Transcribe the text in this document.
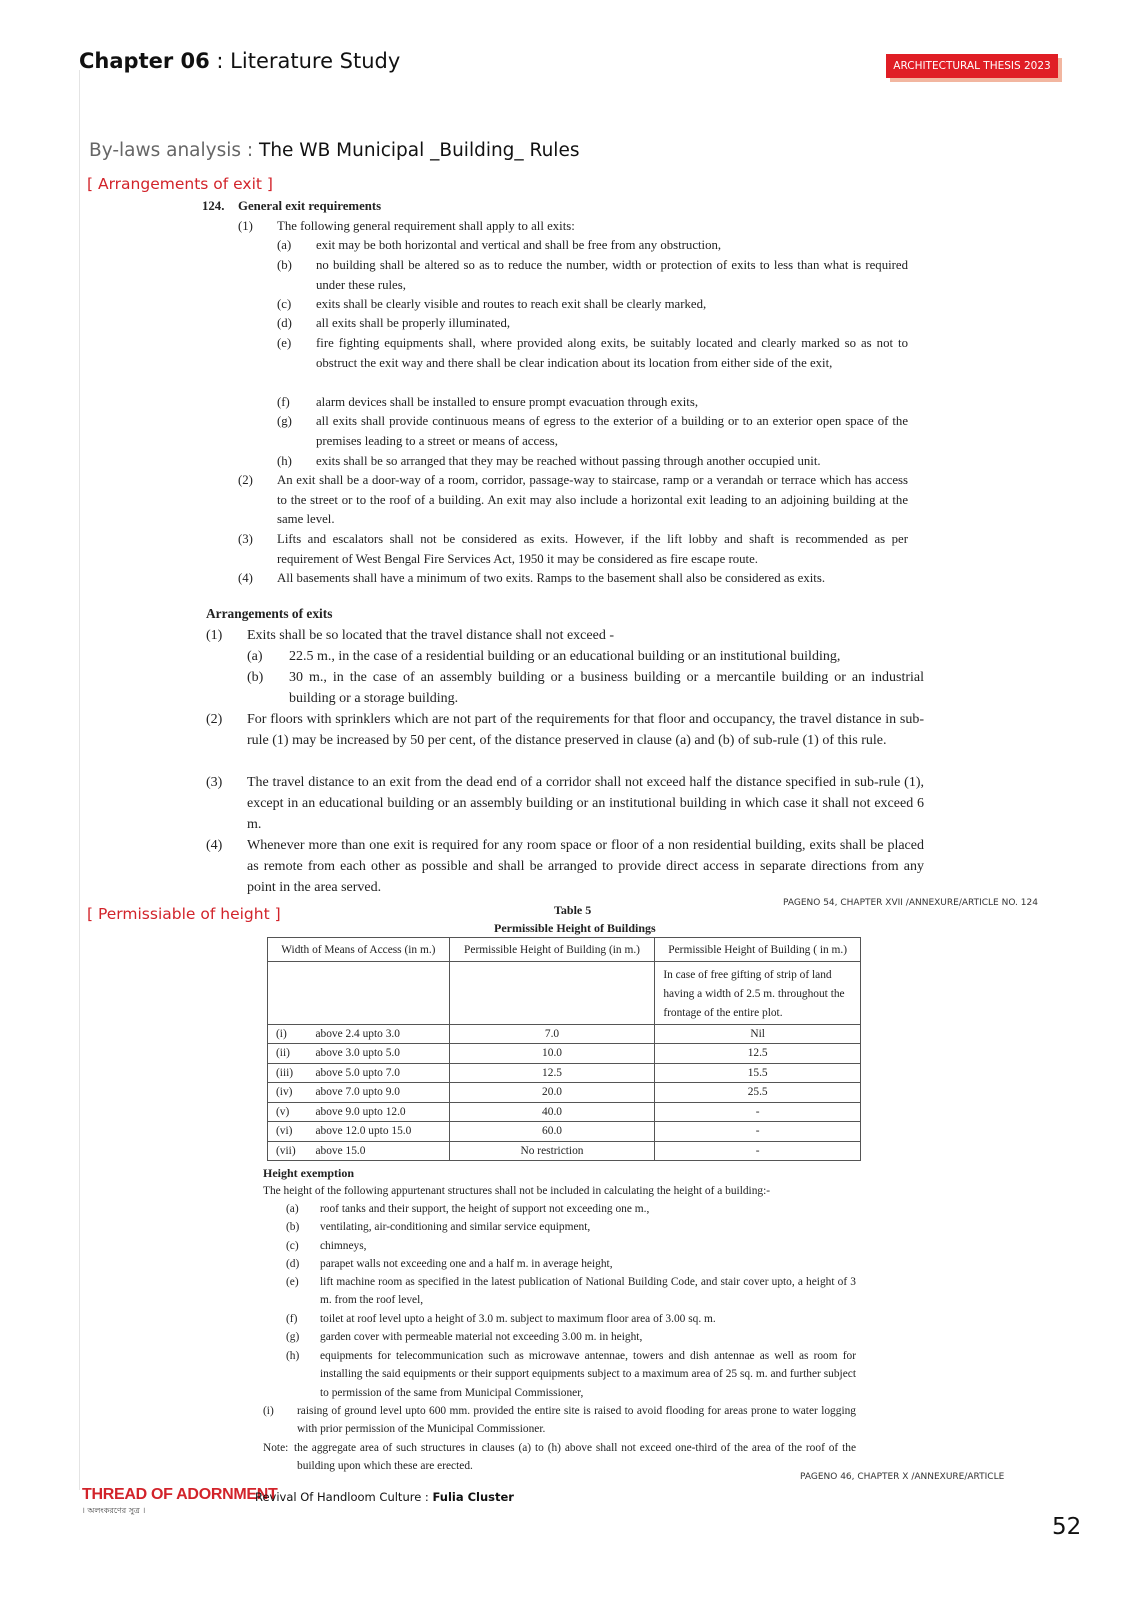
Chapter 06 : Literature Study	ARCHITECTURAL THESIS 2023
By-laws analysis : The WB Municipal _Building_ Rules
[ Arrangements of exit ]
124. General exit requirements
(1) The following general requirement shall apply to all exits:
(a) exit may be both horizontal and vertical and shall be free from any obstruction,
(b) no building shall be altered so as to reduce the number, width or protection of exits to less than what is required under these rules,
(c) exits shall be clearly visible and routes to reach exit shall be clearly marked,
(d) all exits shall be properly illuminated,
(e) fire fighting equipments shall, where provided along exits, be suitably located and clearly marked so as not to obstruct the exit way and there shall be clear indication about its location from either side of the exit,
(f) alarm devices shall be installed to ensure prompt evacuation through exits,
(g) all exits shall provide continuous means of egress to the exterior of a building or to an exterior open space of the premises leading to a street or means of access,
(h) exits shall be so arranged that they may be reached without passing through another occupied unit.
(2) An exit shall be a door-way of a room, corridor, passage-way to staircase, ramp or a verandah or terrace which has access to the street or to the roof of a building. An exit may also include a horizontal exit leading to an adjoining building at the same level.
(3) Lifts and escalators shall not be considered as exits. However, if the lift lobby and shaft is recommended as per requirement of West Bengal Fire Services Act, 1950 it may be considered as fire escape route.
(4) All basements shall have a minimum of two exits. Ramps to the basement shall also be considered as exits.
Arrangements of exits
(1) Exits shall be so located that the travel distance shall not exceed -
(a) 22.5 m., in the case of a residential building or an educational building or an institutional building,
(b) 30 m., in the case of an assembly building or a business building or a mercantile building or an industrial building or a storage building.
(2) For floors with sprinklers which are not part of the requirements for that floor and occupancy, the travel distance in sub-rule (1) may be increased by 50 per cent, of the distance preserved in clause (a) and (b) of sub-rule (1) of this rule.
(3) The travel distance to an exit from the dead end of a corridor shall not exceed half the distance specified in sub-rule (1), except in an educational building or an assembly building or an institutional building in which case it shall not exceed 6 m.
(4) Whenever more than one exit is required for any room space or floor of a non residential building, exits shall be placed as remote from each other as possible and shall be arranged to provide direct access in separate directions from any point in the area served.
PAGENO 54, CHAPTER XVII /ANNEXURE/ARTICLE NO. 124
[ Permissiable of height ]	Table 5
Permissible Height of Buildings
Width of Means of Access (in m.)		Permissible Height of Building (in m.)	Permissible Height of Building ( in m.)
			In case of free gifting of strip of land having a width of 2.5 m. throughout the frontage of the entire plot.
(i)	above 2.4 upto 3.0	7.0	Nil
(ii)	above 3.0 upto 5.0	10.0	12.5
(iii)	above 5.0 upto 7.0	12.5	15.5
(iv)	above 7.0 upto 9.0	20.0	25.5
(v)	above 9.0 upto 12.0	40.0	-
(vi)	above 12.0 upto 15.0	60.0	-
(vii)	above 15.0	No restriction	-
Height exemption
The height of the following appurtenant structures shall not be included in calculating the height of a building:-
(a) roof tanks and their support, the height of support not exceeding one m.,
(b) ventilating, air-conditioning and similar service equipment,
(c) chimneys,
(d) parapet walls not exceeding one and a half m. in average height,
(e) lift machine room as specified in the latest publication of National Building Code, and stair cover upto, a height of 3 m. from the roof level,
(f) toilet at roof level upto a height of 3.0 m. subject to maximum floor area of 3.00 sq. m.
(g) garden cover with permeable material not exceeding 3.00 m. in height,
(h) equipments for telecommunication such as microwave antennae, towers and dish antennae as well as room for installing the said equipments or their support equipments subject to a maximum area of 25 sq. m. and further subject to permission of the same from Municipal Commissioner,
(i) raising of ground level upto 600 mm. provided the entire site is raised to avoid flooding for areas prone to water logging with prior permission of the Municipal Commissioner.
Note: the aggregate area of such structures in clauses (a) to (h) above shall not exceed one-third of the area of the roof of the building upon which these are erected.
PAGENO 46, CHAPTER X /ANNEXURE/ARTICLE
THREAD OF ADORNMENT
। অলংকরণের সুত্র ।
Revival Of Handloom Culture : Fulia Cluster
52
